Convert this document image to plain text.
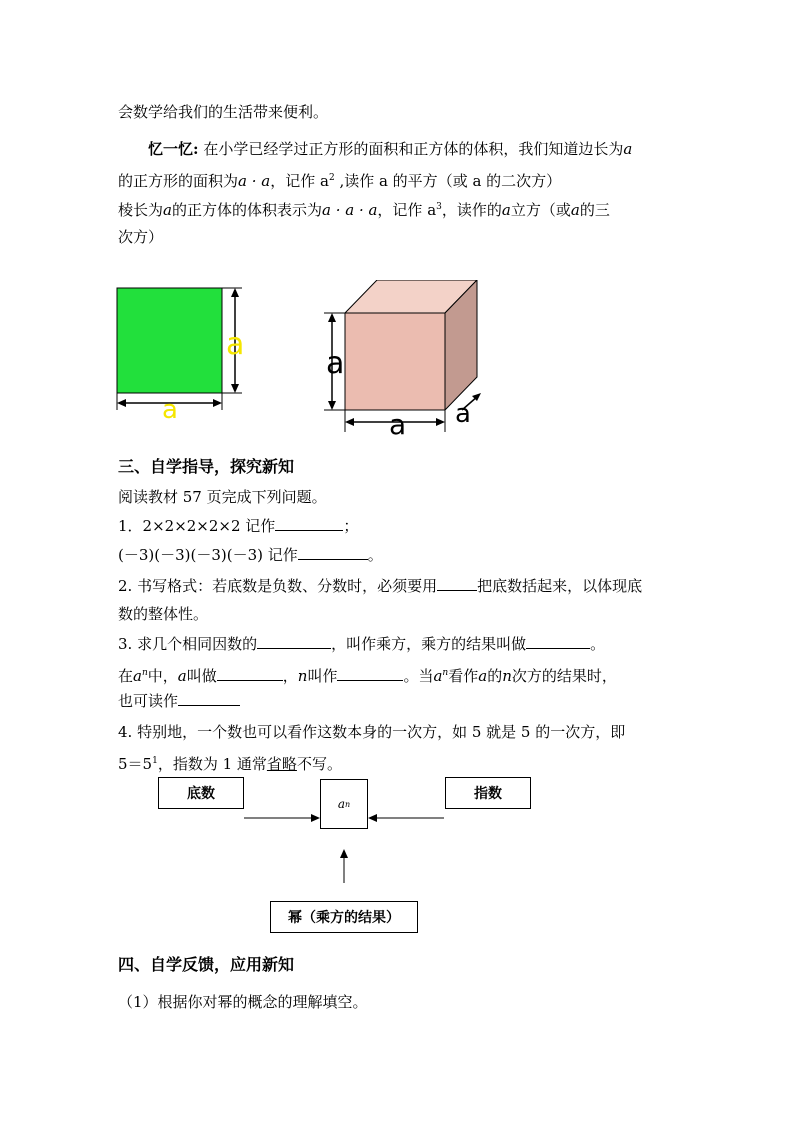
会数学给我们的生活带来便利。
忆一忆: 在小学已经学过正方形的面积和正方体的体积，我们知道边长为a
的正方形的面积为a · a，记作 $a^2$ ,读作 a 的平方（或 a 的二次方）
棱长为a的正方体的体积表示为a · a · a，记作 $a^3$，读作的a立方（或a的三
次方）
a
a
a
a a
三、自学指导，探究新知
阅读教材 57 页完成下列问题。
1．2×2×2×2×2 记作	；
(－3)(－3)(－3)(－3) 记作	。
2. 书写格式：若底数是负数、分数时，必须要用	把底数括起来，以体现底
数的整体性。
3. 求几个相同因数的	，叫作乘方，乘方的结果叫做	。
在$a^n$中，a叫做	，n叫作	。当$a^n$看作a的n次方的结果时，
也可读作
4. 特别地，一个数也可以看作这数本身的一次方，如 5 就是 5 的一次方，即
$5=5^1$，指数为 1 通常省略不写。
底数	指数
a n
幂（乘方的结果）
四、自学反馈，应用新知
（1）根据你对幂的概念的理解填空。
